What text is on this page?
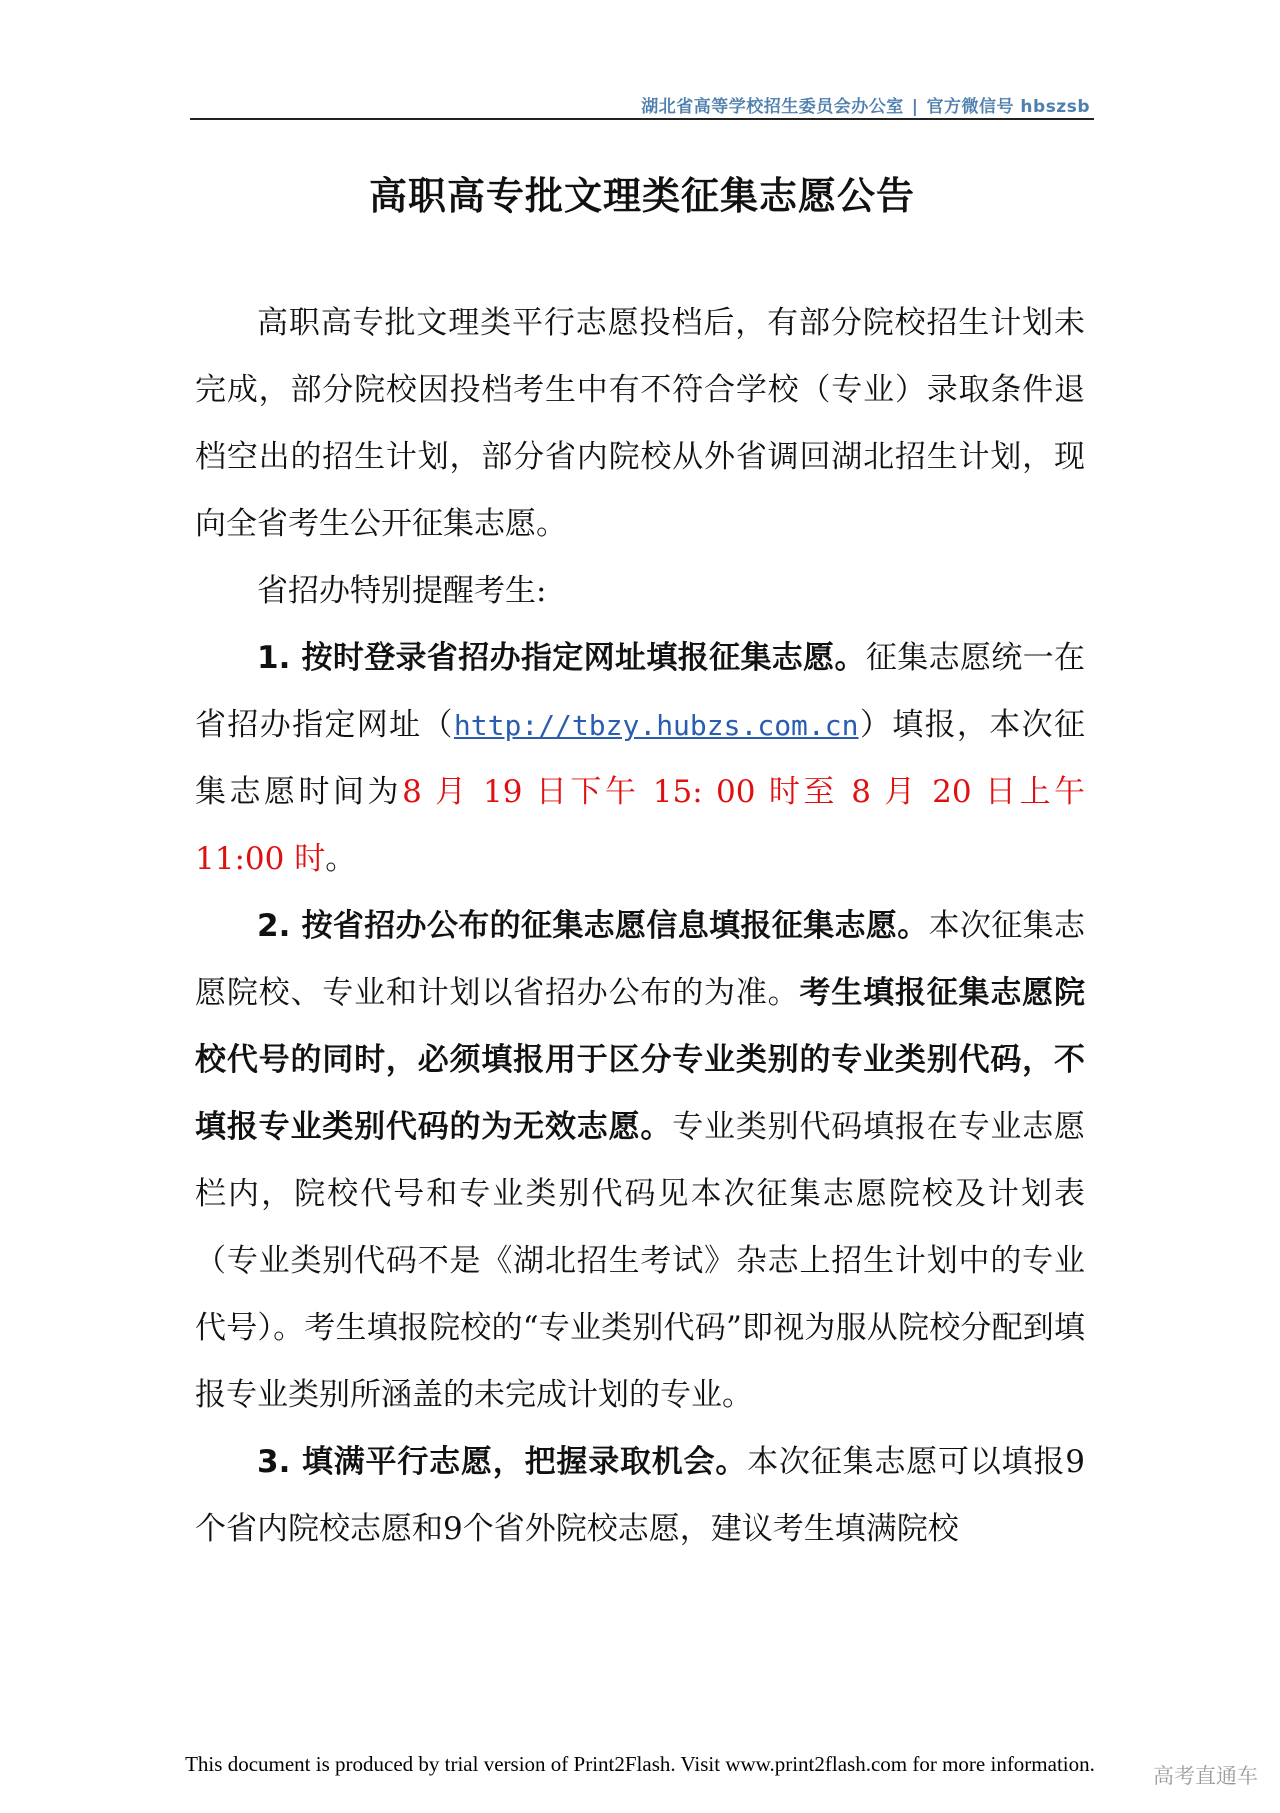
湖北省高等学校招生委员会办公室 | 官方微信号 hbszsb
高职高专批文理类征集志愿公告

高职高专批文理类平行志愿投档后，有部分院校招生计划未完成，部分院校因投档考生中有不符合学校（专业）录取条件退档空出的招生计划，部分省内院校从外省调回湖北招生计划，现向全省考生公开征集志愿。

省招办特别提醒考生:

1. 按时登录省招办指定网址填报征集志愿。征集志愿统一在省招办指定网址（http://tbzy.hubzs.com.cn）填报，本次征集志愿时间为8 月 19 日下午 15: 00 时至 8 月 20 日上午 11:00 时。

2. 按省招办公布的征集志愿信息填报征集志愿。本次征集志愿院校、专业和计划以省招办公布的为准。考生填报征集志愿院校代号的同时，必须填报用于区分专业类别的专业类别代码，不填报专业类别代码的为无效志愿。专业类别代码填报在专业志愿栏内，院校代号和专业类别代码见本次征集志愿院校及计划表（专业类别代码不是《湖北招生考试》杂志上招生计划中的专业代号）。考生填报院校的“专业类别代码”即视为服从院校分配到填报专业类别所涵盖的未完成计划的专业。

3. 填满平行志愿，把握录取机会。本次征集志愿可以填报9个省内院校志愿和9个省外院校志愿，建议考生填满院校

This document is produced by trial version of Print2Flash. Visit www.print2flash.com for more information.	高考直通车
